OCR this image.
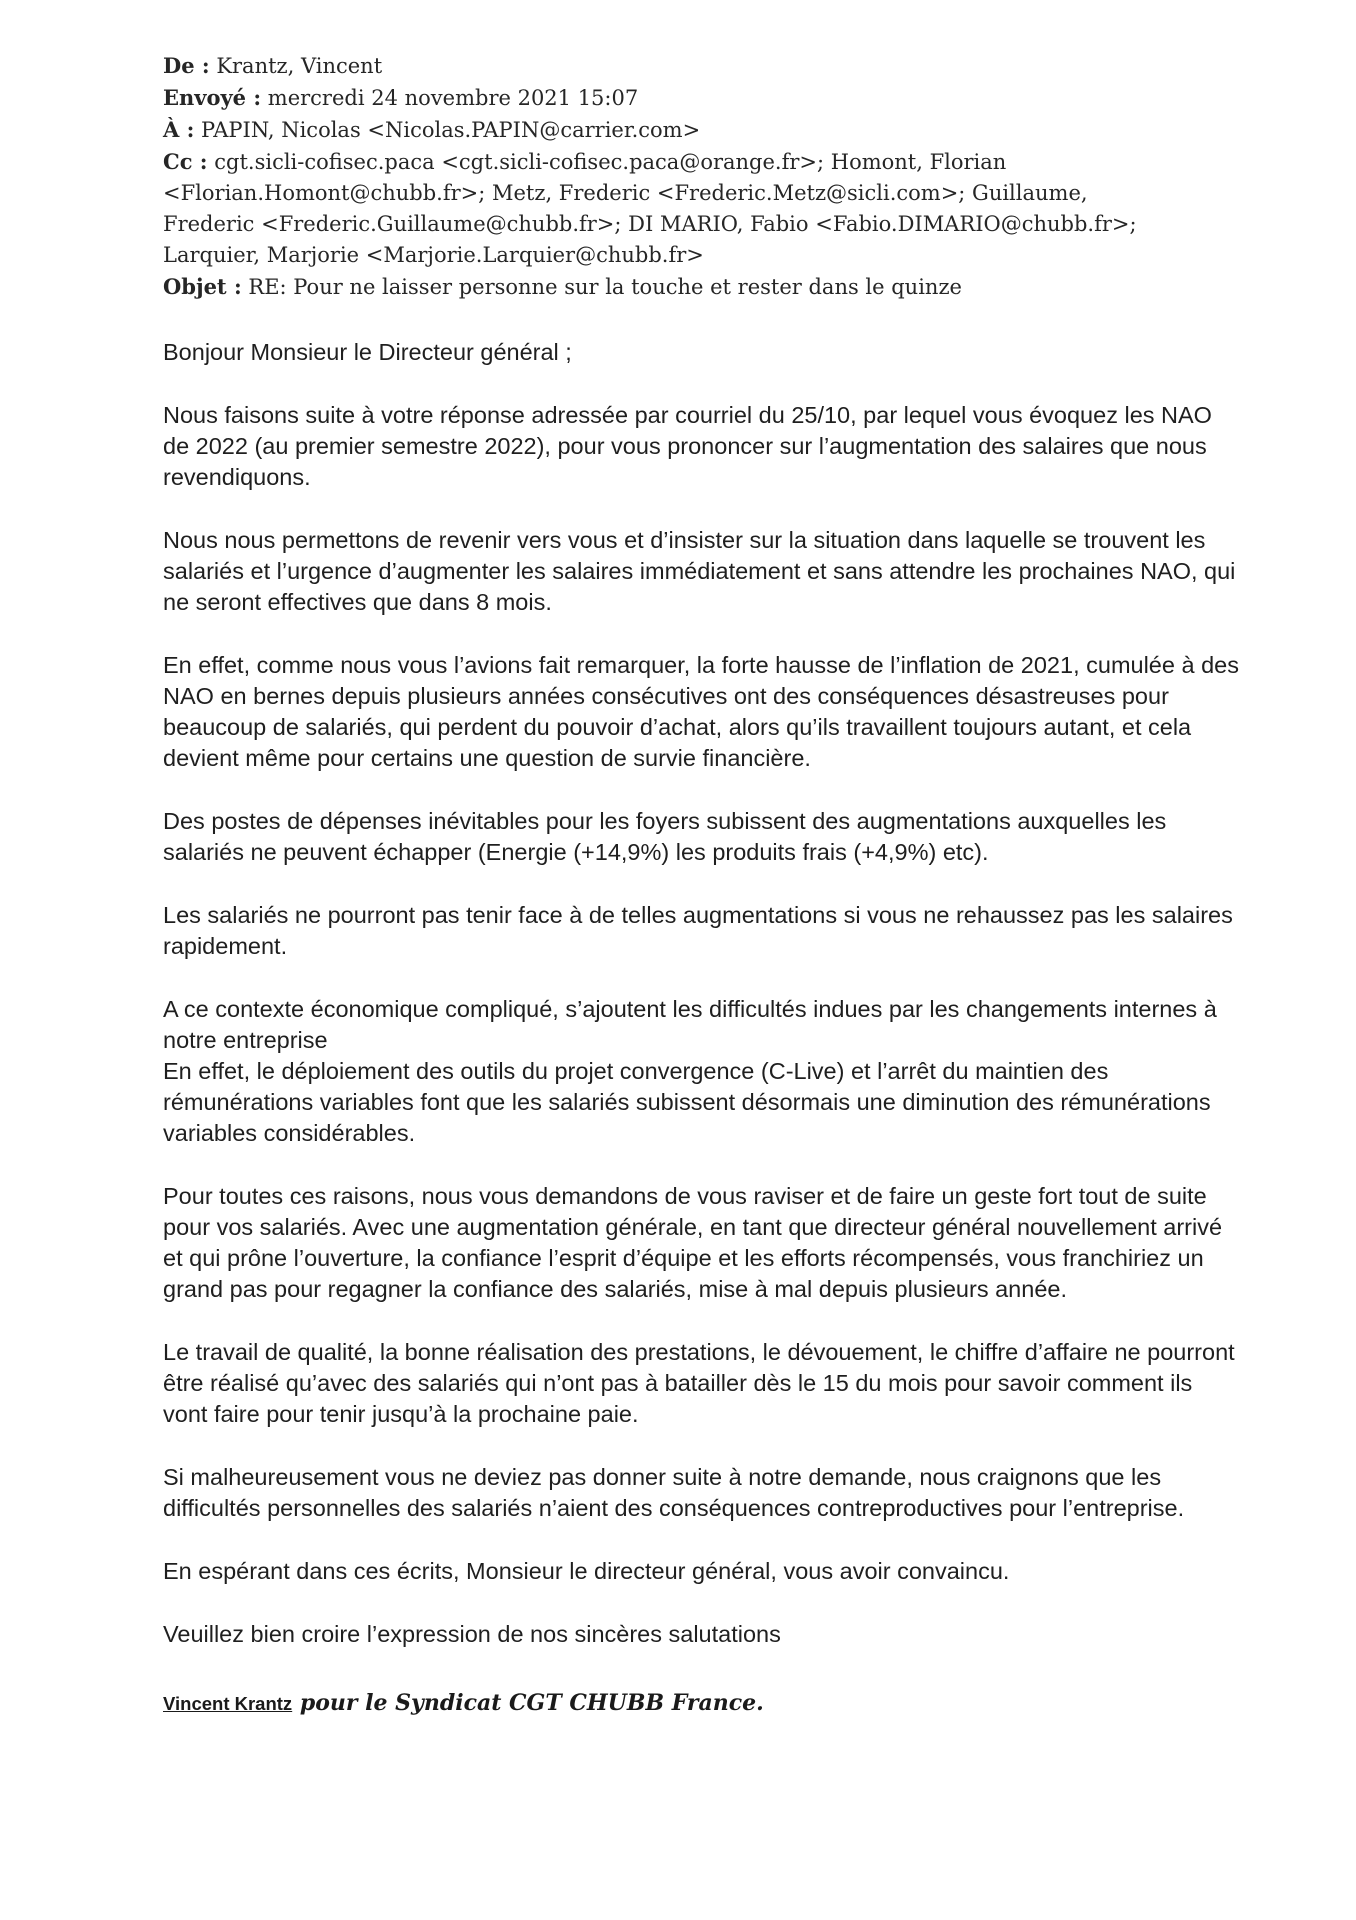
De : Krantz, Vincent

Envoyé : mercredi 24 novembre 2021 15:07

À : PAPIN, Nicolas <Nicolas.PAPIN@carrier.com>

Cc : cgt.sicli-cofisec.paca <cgt.sicli-cofisec.paca@orange.fr>; Homont, Florian

<Florian.Homont@chubb.fr>; Metz, Frederic <Frederic.Metz@sicli.com>; Guillaume,

Frederic <Frederic.Guillaume@chubb.fr>; DI MARIO, Fabio <Fabio.DIMARIO@chubb.fr>;

Larquier, Marjorie <Marjorie.Larquier@chubb.fr>

Objet : RE: Pour ne laisser personne sur la touche et rester dans le quinze

Bonjour Monsieur le Directeur général ;

Nous faisons suite à votre réponse adressée par courriel du 25/10, par lequel vous évoquez les NAO de 2022 (au premier semestre 2022), pour vous prononcer sur l’augmentation des salaires que nous revendiquons.

Nous nous permettons de revenir vers vous et d’insister sur la situation dans laquelle se trouvent les salariés et l’urgence d’augmenter les salaires immédiatement et sans attendre les prochaines NAO, qui ne seront effectives que dans 8 mois.

En effet, comme nous vous l’avions fait remarquer, la forte hausse de l’inflation de 2021, cumulée à des NAO en bernes depuis plusieurs années consécutives ont des conséquences désastreuses pour beaucoup de salariés, qui perdent du pouvoir d’achat, alors qu’ils travaillent toujours autant, et cela devient même pour certains une question de survie financière.

Des postes de dépenses inévitables pour les foyers subissent des augmentations auxquelles les salariés ne peuvent échapper (Energie (+14,9%) les produits frais (+4,9%) etc).

Les salariés ne pourront pas tenir face à de telles augmentations si vous ne rehaussez pas les salaires rapidement.

A ce contexte économique compliqué, s’ajoutent les difficultés indues par les changements internes à notre entreprise

En effet, le déploiement des outils du projet convergence (C-Live) et l’arrêt du maintien des rémunérations variables font que les salariés subissent désormais une diminution des rémunérations variables considérables.

Pour toutes ces raisons, nous vous demandons de vous raviser et de faire un geste fort tout de suite pour vos salariés. Avec une augmentation générale, en tant que directeur général nouvellement arrivé et qui prône l’ouverture, la confiance l’esprit d’équipe et les efforts récompensés, vous franchiriez un grand pas pour regagner la confiance des salariés, mise à mal depuis plusieurs année.

Le travail de qualité, la bonne réalisation des prestations, le dévouement, le chiffre d’affaire ne pourront être réalisé qu’avec des salariés qui n’ont pas à batailler dès le 15 du mois pour savoir comment ils vont faire pour tenir jusqu’à la prochaine paie.

Si malheureusement vous ne deviez pas donner suite à notre demande, nous craignons que les difficultés personnelles des salariés n’aient des conséquences contreproductives pour l’entreprise.

En espérant dans ces écrits, Monsieur le directeur général, vous avoir convaincu.

Veuillez bien croire l’expression de nos sincères salutations

Vincent Krantz pour le Syndicat CGT CHUBB France.
